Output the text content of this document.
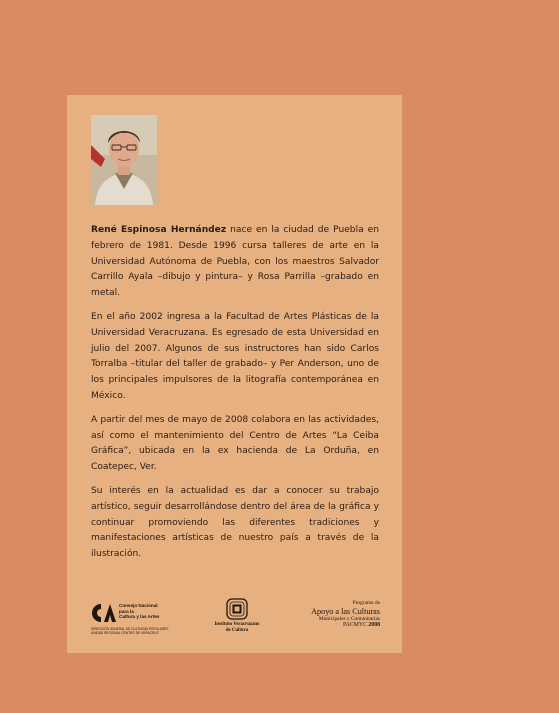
René Espinosa Hernández nace en la ciudad de Puebla en febrero de 1981. Desde 1996 cursa talleres de arte en la Universidad Autónoma de Puebla, con los maestros Salvador Carrillo Ayala –dibujo y pintura– y Rosa Parrilla –grabado en metal.

En el año 2002 ingresa a la Facultad de Artes Plásticas de la Universidad Veracruzana. Es egresado de esta Universidad en julio del 2007. Algunos de sus instructores han sido Carlos Torralba –titular del taller de grabado– y Per Anderson, uno de los principales impulsores de la litografía contemporánea en México.

A partir del mes de mayo de 2008 colabora en las actividades, así como el mantenimiento del Centro de Artes “La Ceiba Gráfica”, ubicada en la ex hacienda de La Orduña, en Coatepec, Ver.

Su interés en la actualidad es dar a conocer su trabajo artístico, seguir desarrollándose dentro del área de la gráfica y continuar promoviendo las diferentes tradiciones y manifestaciones artísticas de nuestro país a través de la ilustración.

Consejo Nacional
para la
Cultura y las Artes
DIRECCIÓN GENERAL DE CULTURAS POPULARES
UNIDAD REGIONAL CENTRO DE VERACRUZ
Instituto Veracruzano
de Cultura
Programa de
Apoyo a las Culturas
Municipales y Comunitarias
PACMYC 2008
